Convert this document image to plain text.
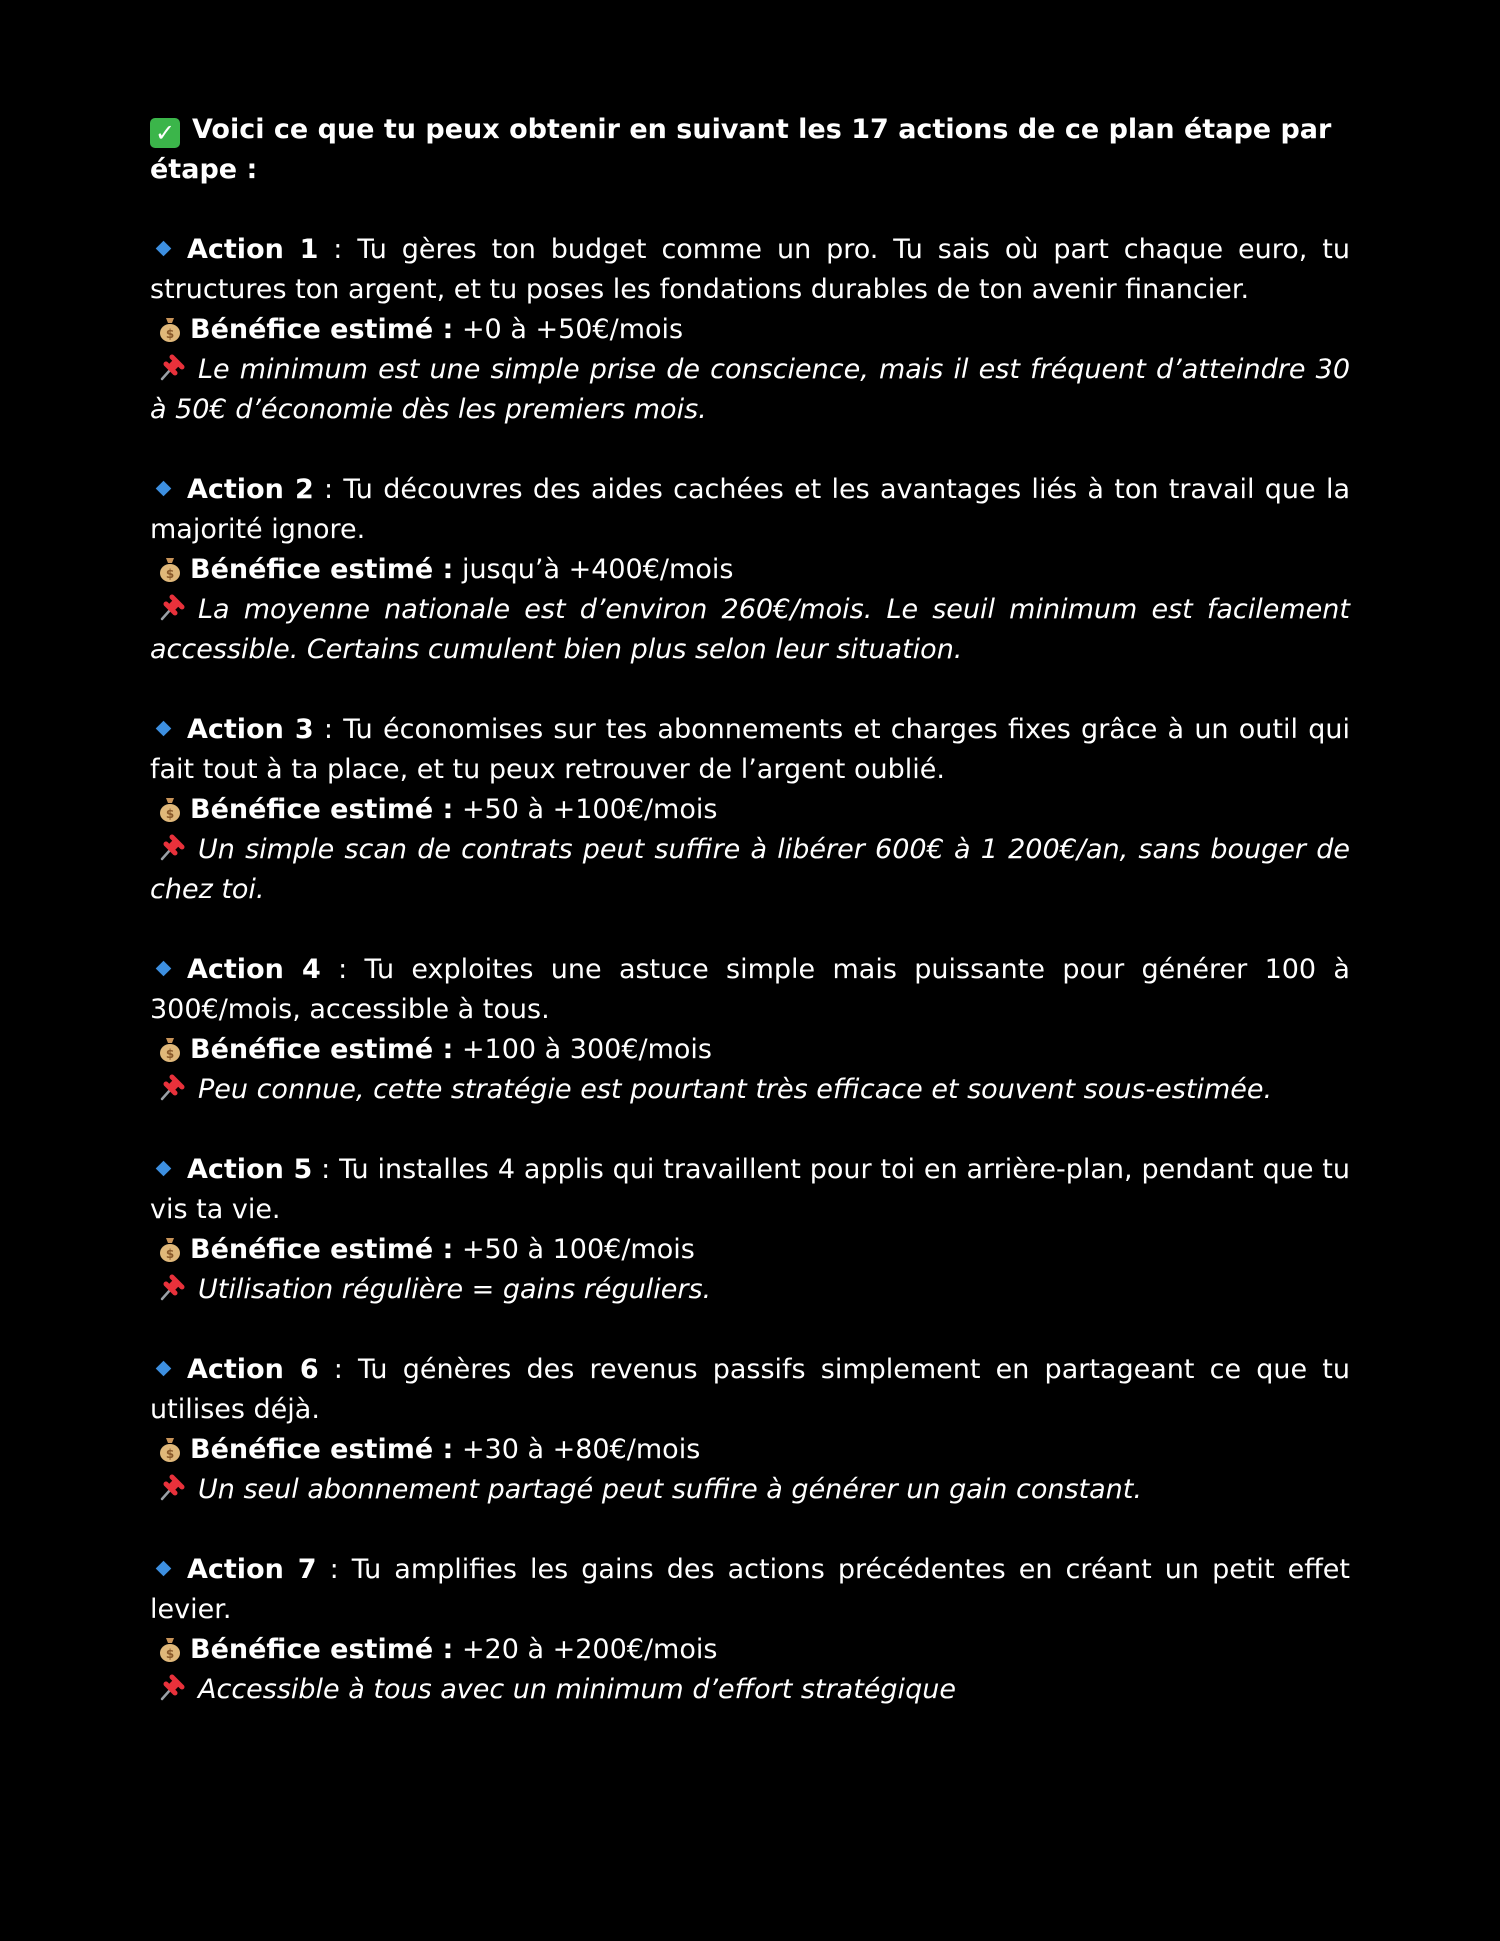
✓ Voici ce que tu peux obtenir en suivant les 17 actions de ce plan étape par étape :

Action 1 : Tu gères ton budget comme un pro. Tu sais où part chaque euro, tu structures ton argent, et tu poses les fondations durables de ton avenir financier.

$ Bénéfice estimé : +0 à +50€/mois

Le minimum est une simple prise de conscience, mais il est fréquent d’atteindre 30 à 50€ d’économie dès les premiers mois.

Action 2 : Tu découvres des aides cachées et les avantages liés à ton travail que la majorité ignore.

$ Bénéfice estimé : jusqu’à +400€/mois

La moyenne nationale est d’environ 260€/mois. Le seuil minimum est facilement accessible. Certains cumulent bien plus selon leur situation.

Action 3 : Tu économises sur tes abonnements et charges fixes grâce à un outil qui fait tout à ta place, et tu peux retrouver de l’argent oublié.

$ Bénéfice estimé : +50 à +100€/mois

Un simple scan de contrats peut suffire à libérer 600€ à 1 200€/an, sans bouger de chez toi.

Action 4 : Tu exploites une astuce simple mais puissante pour générer 100 à 300€/mois, accessible à tous.

$ Bénéfice estimé : +100 à 300€/mois

Peu connue, cette stratégie est pourtant très efficace et souvent sous-estimée.

Action 5 : Tu installes 4 applis qui travaillent pour toi en arrière-plan, pendant que tu vis ta vie.

$ Bénéfice estimé : +50 à 100€/mois

Utilisation régulière = gains réguliers.

Action 6 : Tu génères des revenus passifs simplement en partageant ce que tu utilises déjà.

$ Bénéfice estimé : +30 à +80€/mois

Un seul abonnement partagé peut suffire à générer un gain constant.

Action 7 : Tu amplifies les gains des actions précédentes en créant un petit effet levier.

$ Bénéfice estimé : +20 à +200€/mois

Accessible à tous avec un minimum d’effort stratégique
